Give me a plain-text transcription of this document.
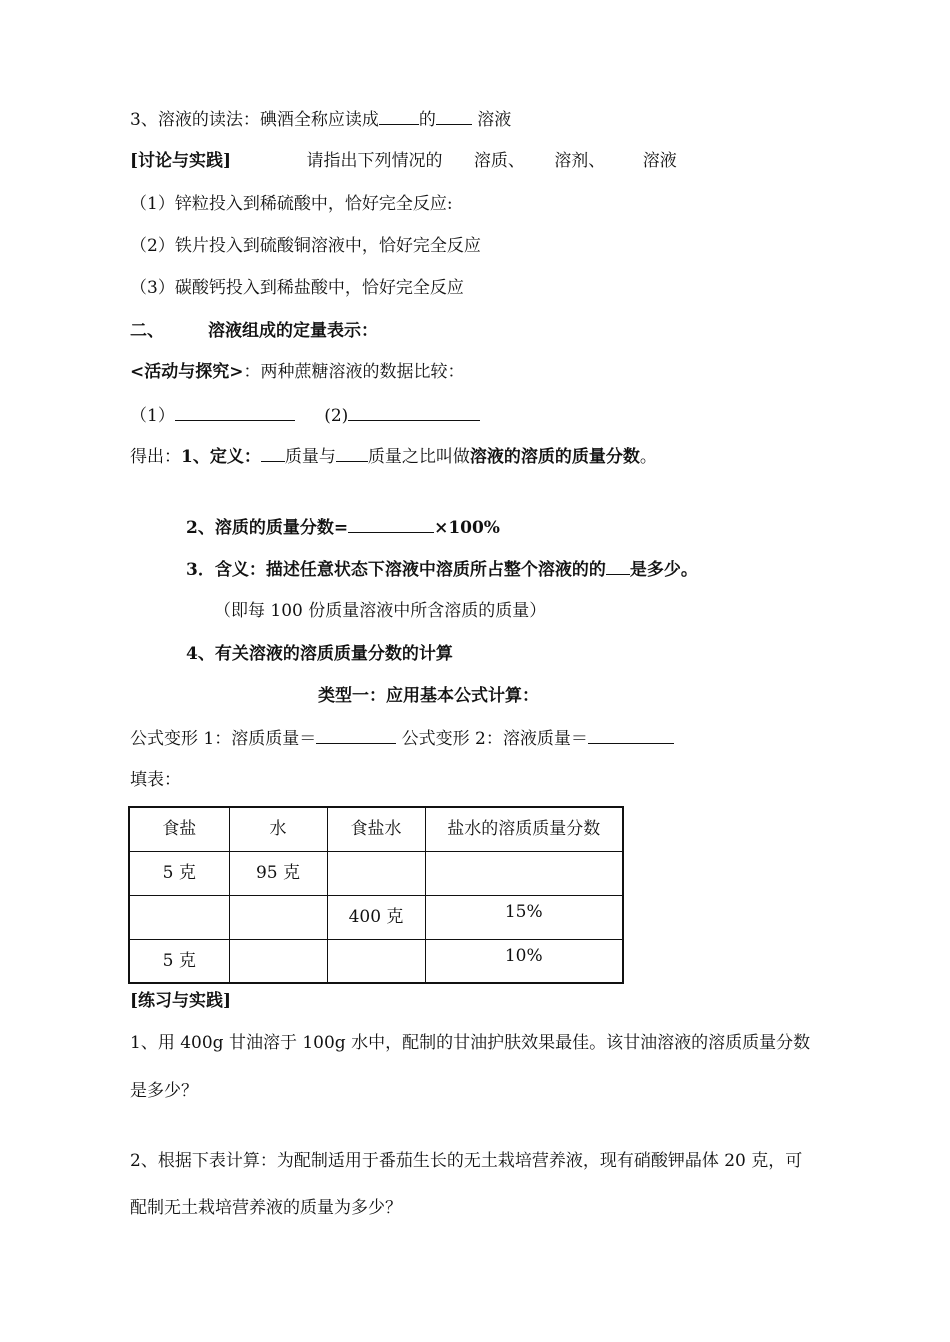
3、溶液的读法：碘酒全称应读成 的 溶液
[讨论与实践]	请指出下列情况的 溶质、 溶剂、 溶液
（1）锌粒投入到稀硫酸中，恰好完全反应:
（2）铁片投入到硫酸铜溶液中，恰好完全反应
（3）碳酸钙投入到稀盐酸中，恰好完全反应
二、	溶液组成的定量表示：
<活动与探究>：两种蔗糖溶液的数据比较：
（1）	(2)
得出：1、定义： 质量与 质量之比叫做溶液的溶质的质量分数。
2、溶质的质量分数=	×100%
3．含义：描述任意状态下溶液中溶质所占整个溶液的的 是多少。
（即每 100 份质量溶液中所含溶质的质量）
4、有关溶液的溶质质量分数的计算
类型一：应用基本公式计算：
公式变形 1：溶质质量＝	公式变形 2：溶液质量＝
填表：
食盐	水	食盐水	盐水的溶质质量分数
5 克	95 克		
		400 克	15%
5 克			10%
[练习与实践]
1、用 400g 甘油溶于 100g 水中，配制的甘油护肤效果最佳。该甘油溶液的溶质质量分数
是多少？
2、根据下表计算：为配制适用于番茄生长的无土栽培营养液，现有硝酸钾晶体 20 克，可
配制无土栽培营养液的质量为多少？
